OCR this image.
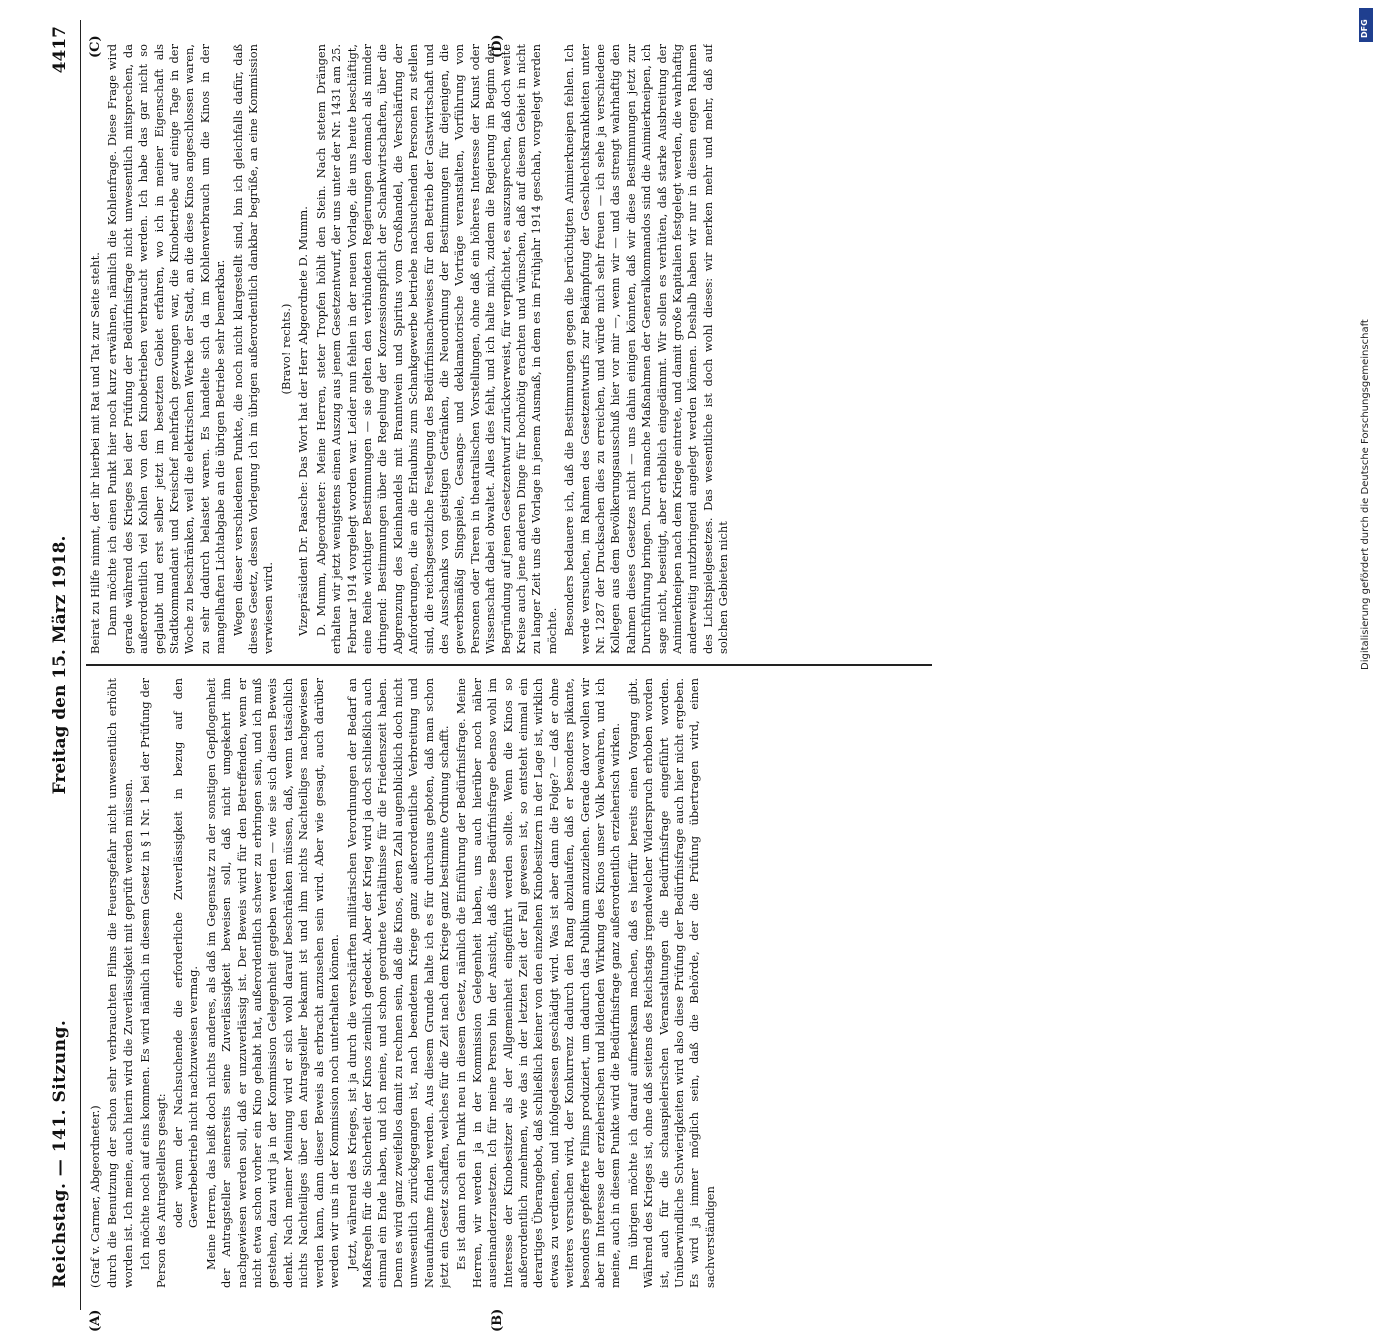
Reichstag. — 141. Sitzung.
Freitag den 15. März 1918.
4417
(A)	(B)
(C)	(D)

(Graf v. Carmer, Abgeordneter.) durch die Benutzung der schon sehr verbrauchten Films die Feuersgefahr nicht unwesentlich erhöht worden ist. Ich meine, auch hierin wird die Zuverlässigkeit mit geprüft werden müssen. Ich möchte noch auf eins kommen. Es wird nämlich in diesem Gesetz in § 1 Nr. 1 bei der Prüfung der Person des Antragstellers gesagt: oder wenn der Nachsuchende die erforderliche Zuverlässigkeit in bezug auf den Gewerbebetrieb nicht nachzuweisen vermag. Meine Herren, das heißt doch nichts anderes, als daß im Gegensatz zu der sonstigen Gepflogenheit der Antragsteller seinerseits seine Zuverlässigkeit beweisen soll, daß nicht umgekehrt ihm nachgewiesen werden soll, daß er unzuverlässig ist. Der Beweis wird für den Betreffenden, wenn er nicht etwa schon vorher ein Kino gehabt hat, außerordentlich schwer zu erbringen sein, und ich muß gestehen, dazu wird ja in der Kommission Gelegenheit gegeben werden — wie sie sich diesen Beweis denkt. Nach meiner Meinung wird er sich wohl darauf beschränken müssen, daß, wenn tatsächlich nichts Nachteiliges über den Antragsteller bekannt ist und ihm nichts Nachteiliges nachgewiesen werden kann, dann dieser Beweis als erbracht anzusehen sein wird. Aber wie gesagt, auch darüber werden wir uns in der Kommission noch unterhalten können. Jetzt, während des Krieges, ist ja durch die verschärften militärischen Verordnungen der Bedarf an Maßregeln für die Sicherheit der Kinos ziemlich gedeckt. Aber der Krieg wird ja doch schließlich auch einmal ein Ende haben, und ich meine, und schon geordnete Verhältnisse für die Friedenszeit haben. Denn es wird ganz zweifellos damit zu rechnen sein, daß die Kinos, deren Zahl augenblicklich doch nicht unwesentlich zurückgegangen ist, nach beendetem Kriege ganz außerordentliche Verbreitung und Neuaufnahme finden werden. Aus diesem Grunde halte ich es für durchaus geboten, daß man schon jetzt ein Gesetz schaffen, welches für die Zeit nach dem Kriege ganz bestimmte Ordnung schafft. Es ist dann noch ein Punkt neu in diesem Gesetz, nämlich die Einführung der Bedürfnisfrage. Meine Herren, wir werden ja in der Kommission Gelegenheit haben, uns auch hierüber noch näher auseinanderzusetzen. Ich für meine Person bin der Ansicht, daß diese Bedürfnisfrage ebenso wohl im Interesse der Kinobesitzer als der Allgemeinheit eingeführt werden sollte. Wenn die Kinos so außerordentlich zunehmen, wie das in der letzten Zeit der Fall gewesen ist, so entsteht einmal ein derartiges Überangebot, daß schließlich keiner von den einzelnen Kinobesitzern in der Lage ist, wirklich etwas zu verdienen, und infolgedessen geschädigt wird. Was ist aber dann die Folge? — daß er ohne weiteres versuchen wird, der Konkurrenz dadurch den Rang abzulaufen, daß er besonders pikante, besonders gepfefferte Films produziert, um dadurch das Publikum anzuziehen. Gerade davor wollen wir aber im Interesse der erzieherischen und bildenden Wirkung des Kinos unser Volk bewahren, und ich meine, auch in diesem Punkte wird die Bedürfnisfrage ganz außerordentlich erzieherisch wirken. Im übrigen möchte ich darauf aufmerksam machen, daß es hierfür bereits einen Vorgang gibt. Während des Krieges ist, ohne daß seitens des Reichstags irgendwelcher Widerspruch erhoben worden ist, auch für die schauspielerischen Veranstaltungen die Bedürfnisfrage eingeführt worden. Unüberwindliche Schwierigkeiten wird also diese Prüfung der Bedürfnisfrage auch hier nicht ergeben. Es wird ja immer möglich sein, daß die Behörde, der die Prüfung übertragen wird, einen sachverständigen

Beirat zu Hilfe nimmt, der ihr hierbei mit Rat und Tat zur Seite steht. Dann möchte ich einen Punkt hier noch kurz erwähnen, nämlich die Kohlenfrage. Diese Frage wird gerade während des Krieges bei der Prüfung der Bedürfnisfrage nicht unwesentlich mitsprechen, da außerordentlich viel Kohlen von den Kinobetrieben verbraucht werden. Ich habe das gar nicht so geglaubt und erst selber jetzt im besetzten Gebiet erfahren, wo ich in meiner Eigenschaft als Stadtkommandant und Kreischef mehrfach gezwungen war, die Kinobetriebe auf einige Tage in der Woche zu beschränken, weil die elektrischen Werke der Stadt, an die diese Kinos angeschlossen waren, zu sehr dadurch belastet waren. Es handelte sich da im Kohlenverbrauch um die Kinos in der mangelhaften Lichtabgabe an die übrigen Betriebe sehr bemerkbar. Wegen dieser verschiedenen Punkte, die noch nicht klargestellt sind, bin ich gleichfalls dafür, daß dieses Gesetz, dessen Vorlegung ich im übrigen außerordentlich dankbar begrüße, an eine Kommission verwiesen wird.

(Bravo! rechts.) Vizepräsident Dr. Paasche: Das Wort hat der Herr Abgeordnete D. Mumm. D. Mumm, Abgeordneter: Meine Herren, steter Tropfen höhlt den Stein. Nach stetem Drängen erhalten wir jetzt wenigstens einen Auszug aus jenem Gesetzentwurf, der uns unter der Nr. 1431 am 25. Februar 1914 vorgelegt worden war. Leider nun fehlen in der neuen Vorlage, die uns heute beschäftigt, eine Reihe wichtiger Bestimmungen — sie gelten den verbündeten Regierungen demnach als minder dringend: Bestimmungen über die Regelung der Konzessionspflicht der Schankwirtschaften, über die Abgrenzung des Kleinhandels mit Branntwein und Spiritus vom Großhandel, die Verschärfung der Anforderungen, die an die Erlaubnis zum Schankgewerbe betriebe nachsuchenden Personen zu stellen sind, die reichsgesetzliche Festlegung des Bedürfnisnachweises für den Betrieb der Gastwirtschaft und des Ausschanks von geistigen Getränken, die Neuordnung der Bestimmungen für diejenigen, die gewerbsmäßig Singspiele, Gesangs- und deklamatorische Vorträge veranstalten, Vorführung von Personen oder Tieren in theatralischen Vorstellungen, ohne daß ein höheres Interesse der Kunst oder Wissenschaft dabei obwaltet. Alles dies fehlt, und ich halte mich, zudem die Regierung im Beginn der Begründung auf jenen Gesetzentwurf zurückverweist, für verpflichtet, es auszusprechen, daß doch weite Kreise auch jene anderen Dinge für hochnötig erachten und wünschen, daß auf diesem Gebiet in nicht zu langer Zeit uns die Vorlage in jenem Ausmaß, in dem es im Frühjahr 1914 geschah, vorgelegt werden möchte. Besonders bedauere ich, daß die Bestimmungen gegen die berüchtigten Animierkneipen fehlen. Ich werde versuchen, im Rahmen des Gesetzentwurfs zur Bekämpfung der Geschlechtskrankheiten unter Nr. 1287 der Drucksachen dies zu erreichen, und würde mich sehr freuen — ich sehe ja verschiedene Kollegen aus dem Bevölkerungsausschuß hier vor mir —, wenn wir — und das strengt wahrhaftig den Rahmen dieses Gesetzes nicht — uns dahin einigen könnten, daß wir diese Bestimmungen jetzt zur Durchführung bringen. Durch manche Maßnahmen der Generalkommandos sind die Animierkneipen, ich sage nicht, beseitigt, aber erheblich eingedämmt. Wir sollen es verhüten, daß starke Ausbreitung der Animierkneipen nach dem Kriege eintrete, und damit große Kapitalien festgelegt werden, die wahrhaftig anderweitig nutzbringend angelegt werden können. Deshalb haben wir nur in diesem engen Rahmen des Lichtspielgesetzes. Das wesentliche ist doch wohl dieses: wir merken mehr und mehr, daß auf solchen Gebieten nicht

DFG
Digitalisierung gefördert durch die Deutsche Forschungsgemeinschaft
